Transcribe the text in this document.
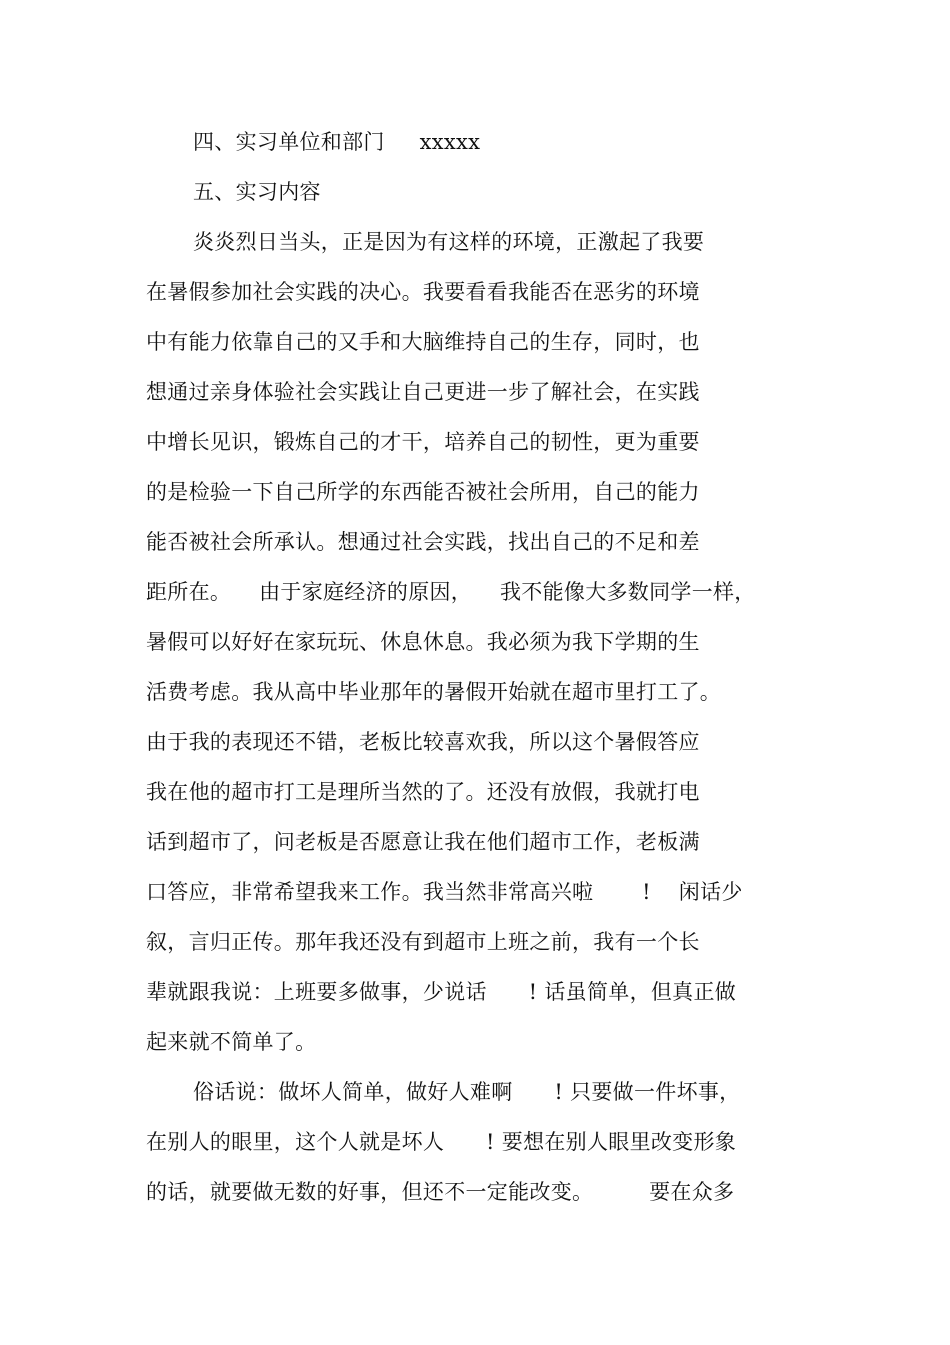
四、实习单位和部门     xxxxx
五、实习内容
炎炎烈日当头，正是因为有这样的环境，正激起了我要
在暑假参加社会实践的决心。我要看看我能否在恶劣的环境
中有能力依靠自己的又手和大脑维持自己的生存，同时，也
想通过亲身体验社会实践让自己更进一步了解社会，在实践
中增长见识，锻炼自己的才干，培养自己的韧性，更为重要
的是检验一下自己所学的东西能否被社会所用，自己的能力
能否被社会所承认。想通过社会实践，找出自己的不足和差
距所在。    由于家庭经济的原因，    我不能像大多数同学一样，
暑假可以好好在家玩玩、休息休息。我必须为我下学期的生
活费考虑。我从高中毕业那年的暑假开始就在超市里打工了。
由于我的表现还不错，老板比较喜欢我，所以这个暑假答应
我在他的超市打工是理所当然的了。还没有放假，我就打电
话到超市了，问老板是否愿意让我在他们超市工作，老板满
口答应，非常希望我来工作。我当然非常高兴啦       !    闲话少
叙，言归正传。那年我还没有到超市上班之前，我有一个长
辈就跟我说：上班要多做事，少说话      ! 话虽简单，但真正做
起来就不简单了。
俗话说：做坏人简单，做好人难啊      ! 只要做一件坏事，
在别人的眼里，这个人就是坏人      ! 要想在别人眼里改变形象
的话，就要做无数的好事，但还不一定能改变。        要在众多
